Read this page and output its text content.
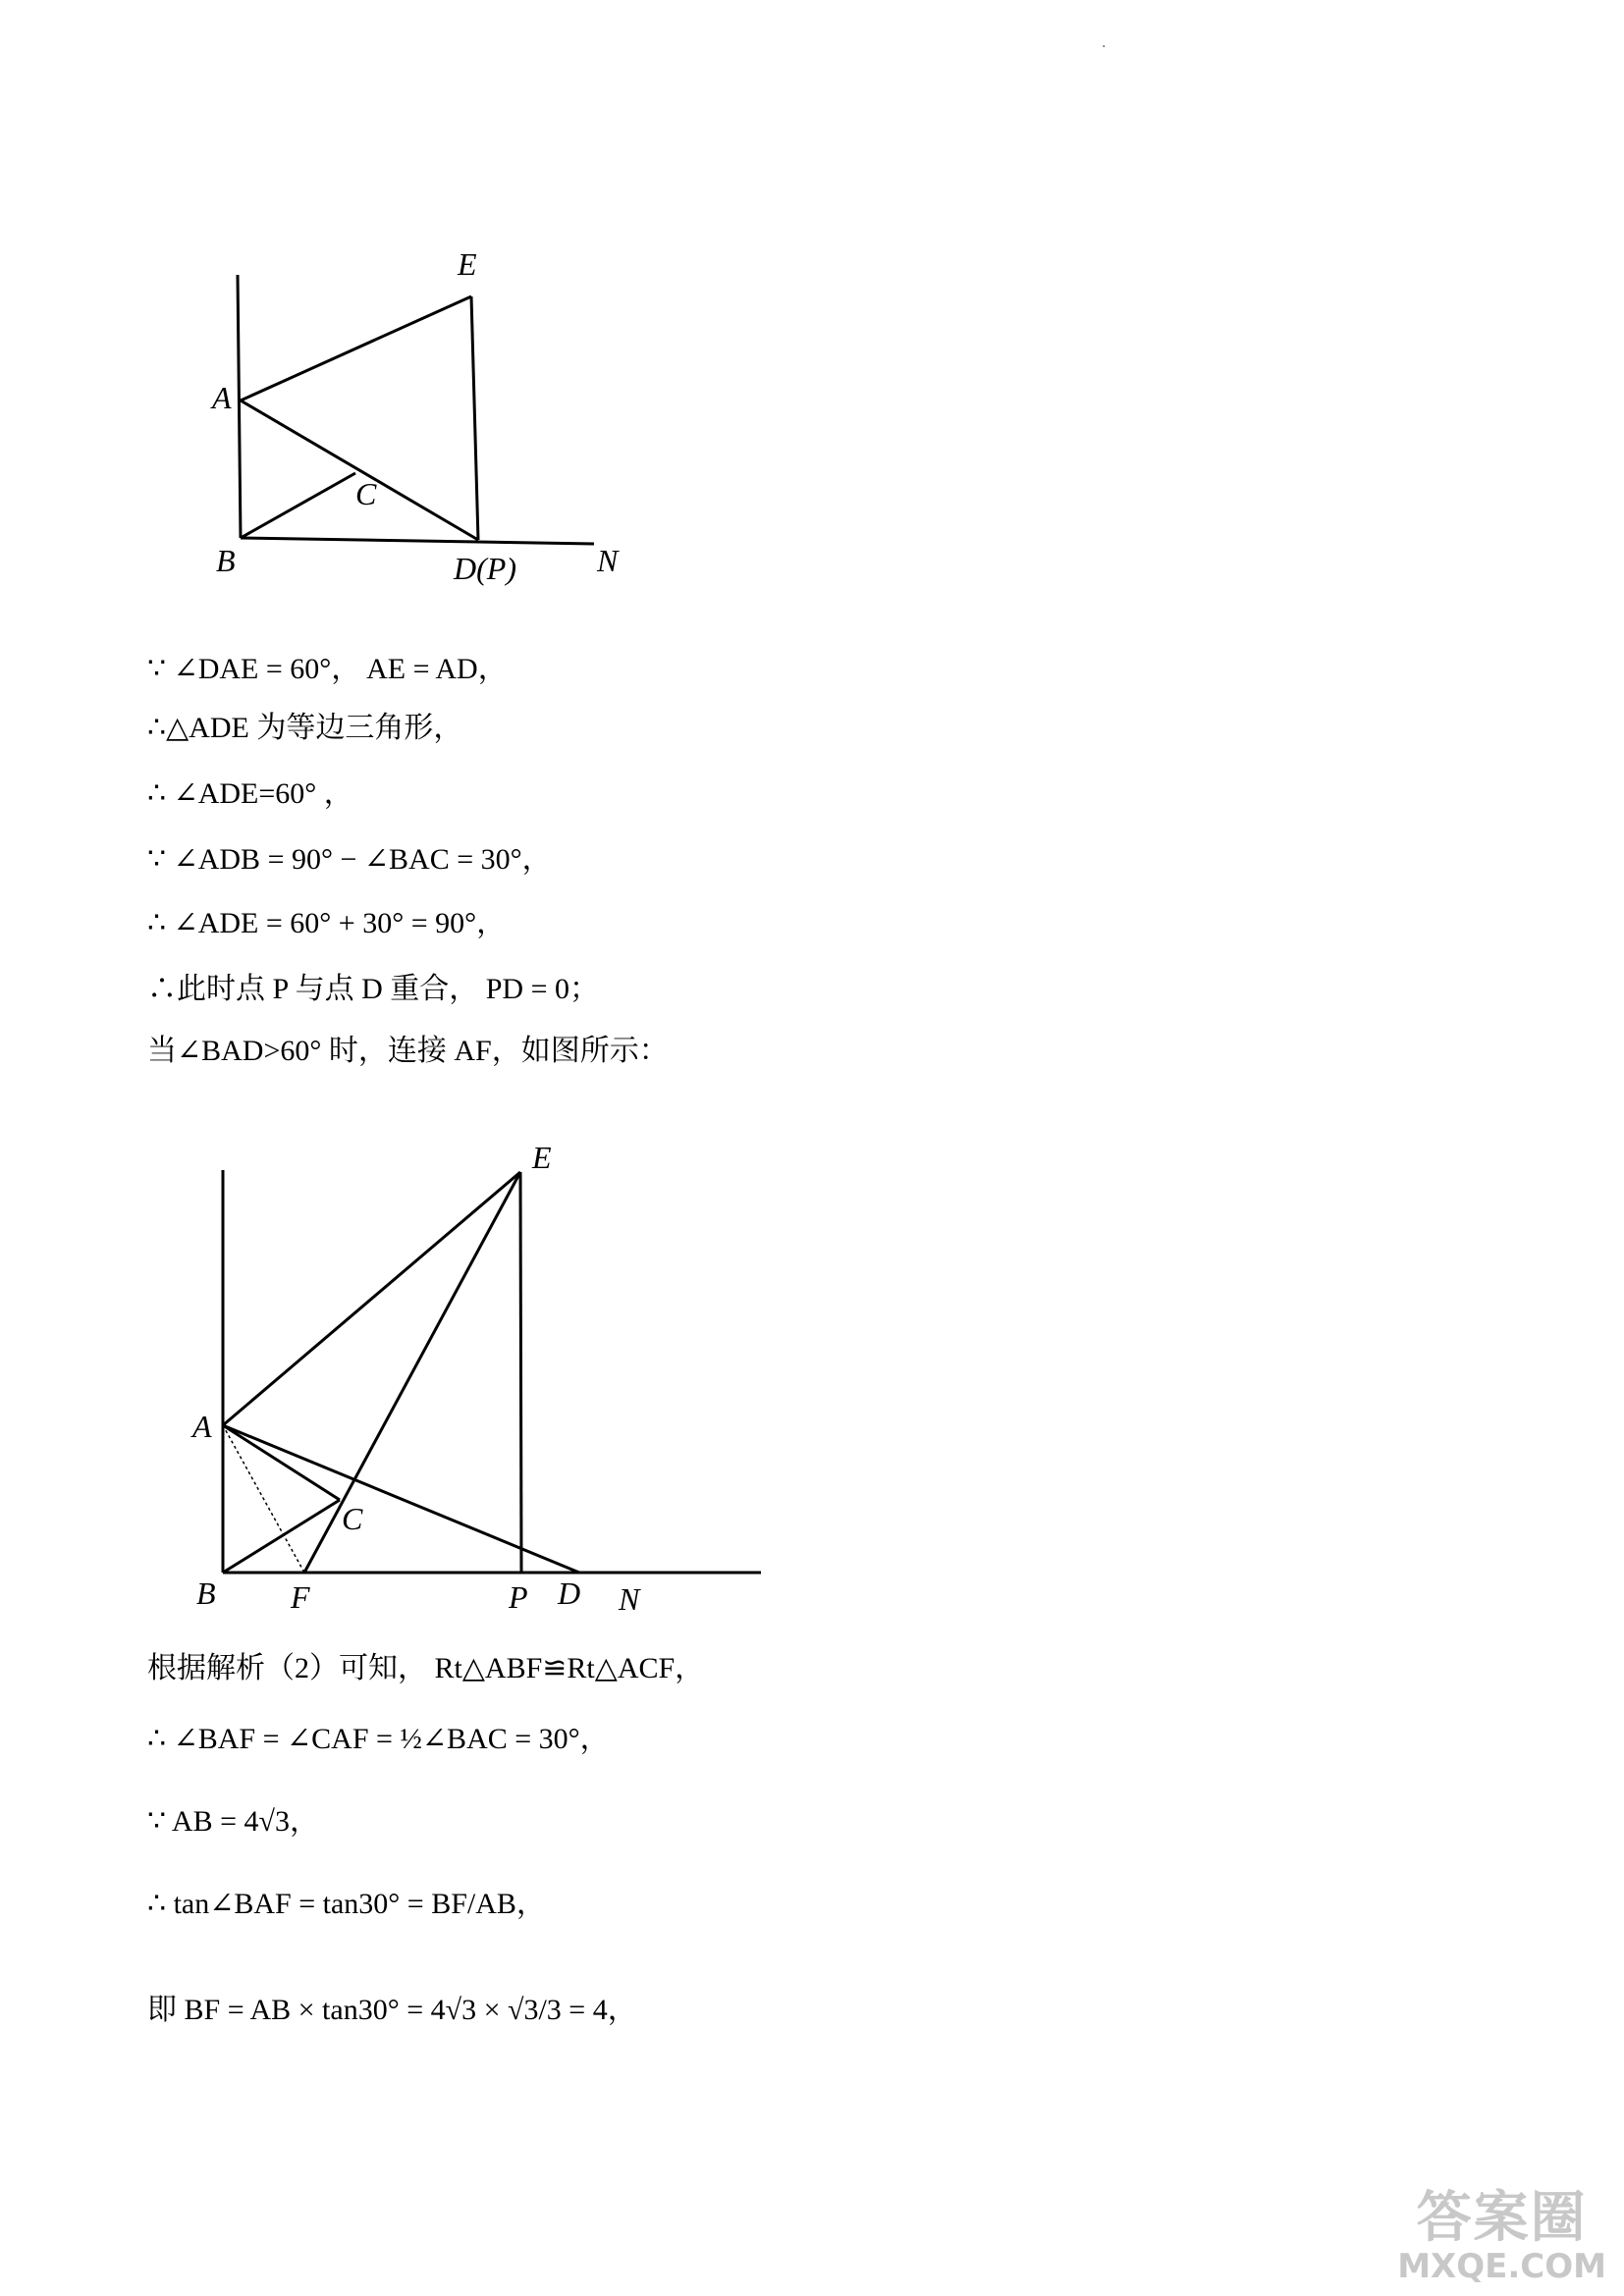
·
E
A
C
B	D(P)	N
∵ ∠DAE = 60°， AE = AD，
∴△ADE 为等边三角形，
∴ ∠ADE=60° ，
∵ ∠ADB = 90° − ∠BAC = 30°，
∴ ∠ADE = 60° + 30° = 90°，
∴此时点 P 与点 D 重合， PD = 0；
当∠BAD>60° 时，连接 AF，如图所示：
E
A
C
B F	P D N
根据解析（2）可知， Rt△ABF≌Rt△ACF，
∴ ∠BAF = ∠CAF = ½∠BAC = 30°，
∵ AB = 4√3，
∴ tan∠BAF = tan30° = BF/AB，
即 BF = AB × tan30° = 4√3 × √3/3 = 4，
答案圈
MXQE.COM
